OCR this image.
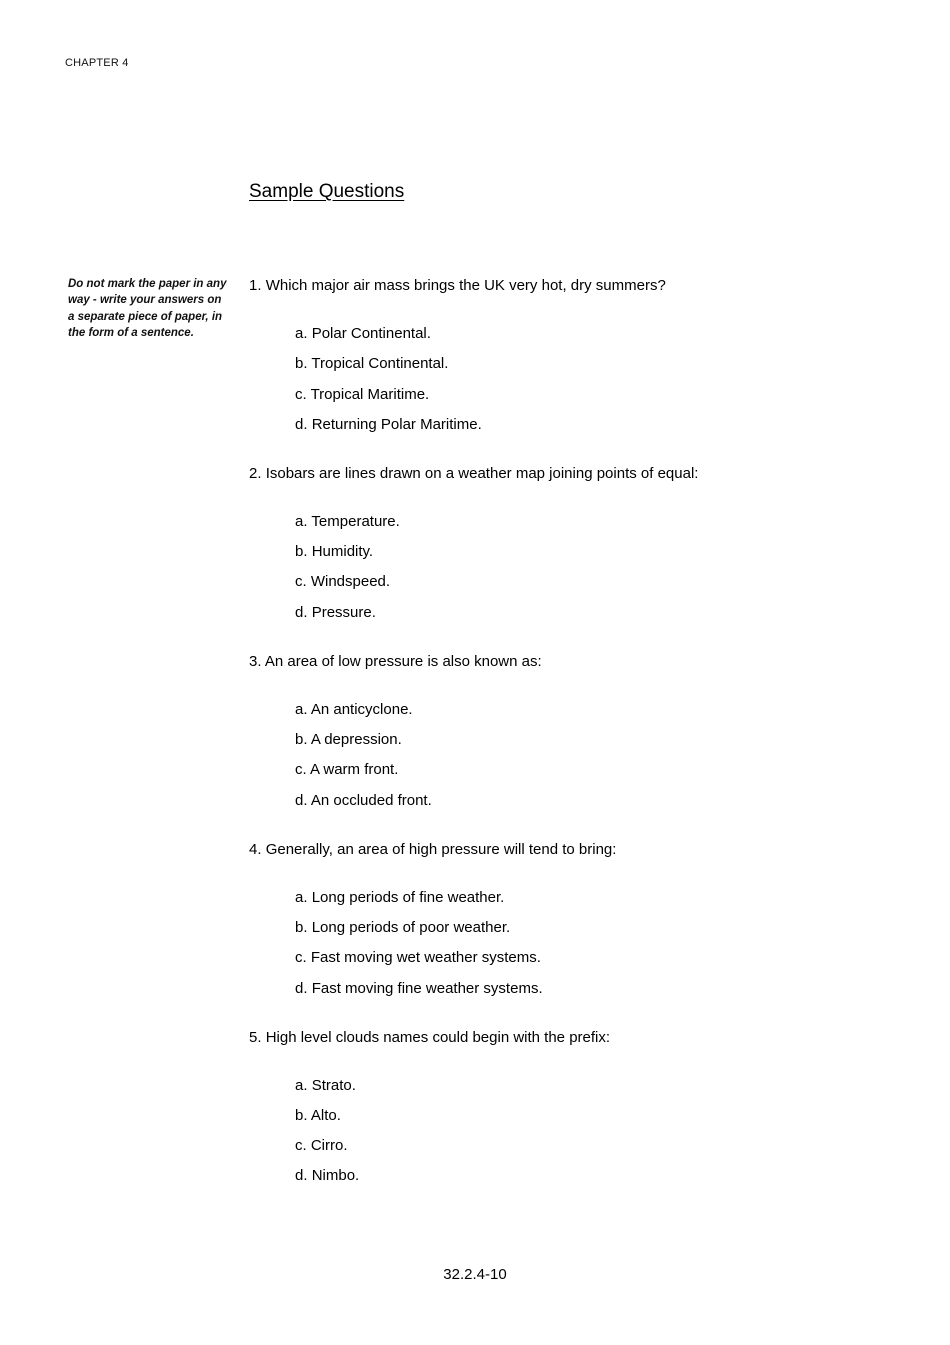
CHAPTER 4
Sample Questions
Do not mark the paper in any way - write your answers on a separate piece of paper, in the form of a sentence.

1. Which major air mass brings the UK very hot, dry summers?

a. Polar Continental.

b. Tropical Continental.

c. Tropical Maritime.

d. Returning Polar Maritime.

2. Isobars are lines drawn on a weather map joining points of equal:

a. Temperature.

b. Humidity.

c. Windspeed.

d. Pressure.

3. An area of low pressure is also known as:

a. An anticyclone.

b. A depression.

c. A warm front.

d. An occluded front.

4. Generally, an area of high pressure will tend to bring:

a. Long periods of fine weather.

b. Long periods of poor weather.

c. Fast moving wet weather systems.

d. Fast moving fine weather systems.

5. High level clouds names could begin with the prefix:

a. Strato.

b. Alto.

c. Cirro.

d. Nimbo.

32.2.4-10
